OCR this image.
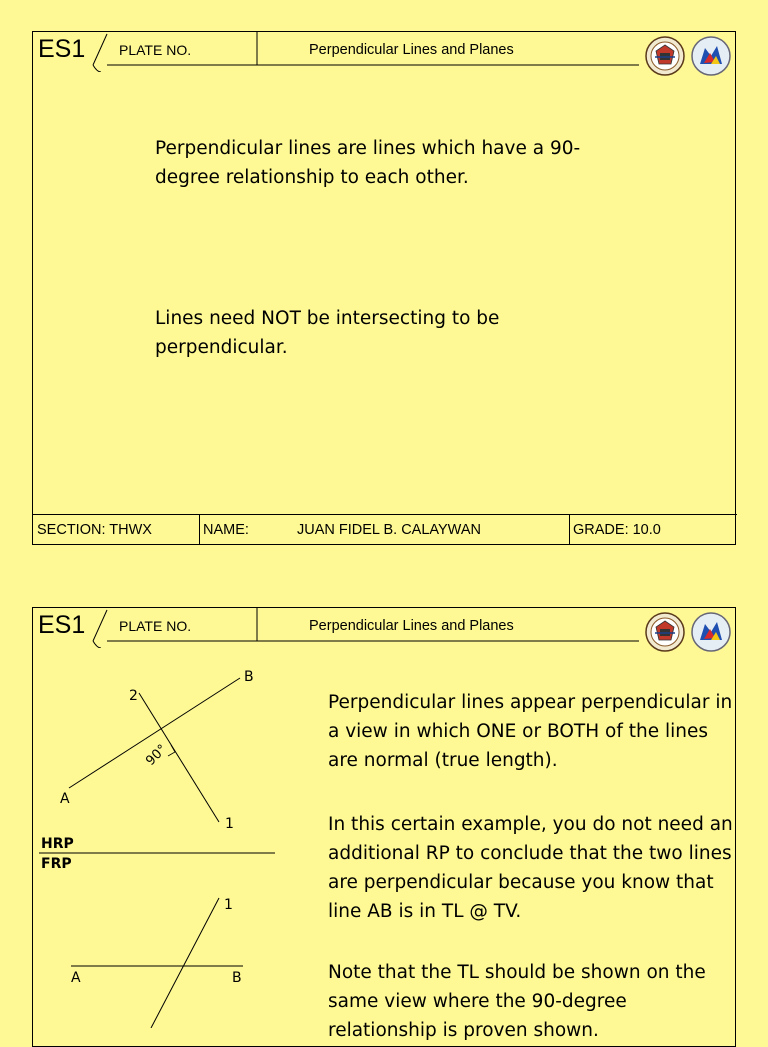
ES1 PLATE NO.	Perpendicular Lines and Planes

Perpendicular lines are lines which have a 90-degree relationship to each other.

Lines need NOT be intersecting to be perpendicular.

SECTION: THWX	NAME:	JUAN FIDEL B. CALAYWAN	GRADE: 10.0
ES1 PLATE NO.	Perpendicular Lines and Planes
B
2
90°
A
1
HRP
FRP
1
A	B

Perpendicular lines appear perpendicular in a view in which ONE or BOTH of the lines are normal (true length).

In this certain example, you do not need an additional RP to conclude that the two lines are perpendicular because you know that line AB is in TL @ TV.

Note that the TL should be shown on the same view where the 90-degree relationship is proven shown.
